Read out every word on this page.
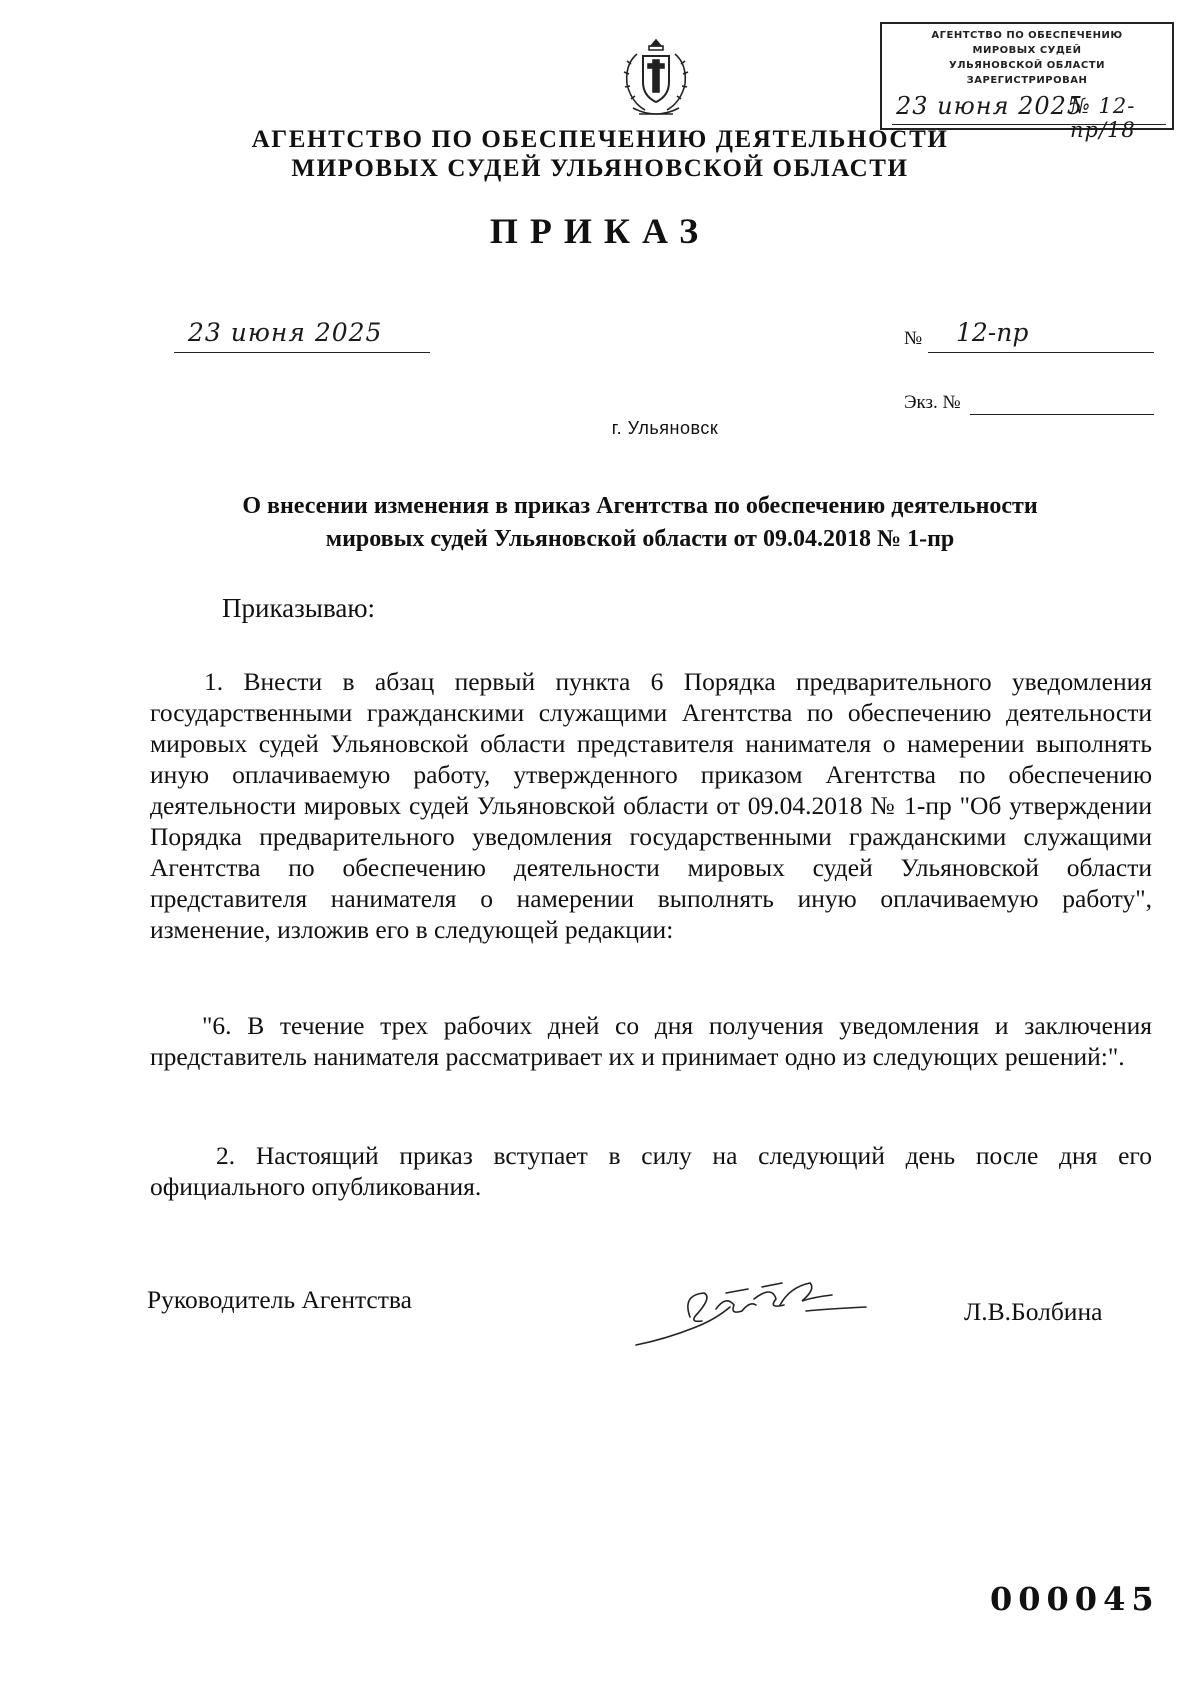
АГЕНТСТВО ПО ОБЕСПЕЧЕНИЮ
МИРОВЫХ СУДЕЙ
УЛЬЯНОВСКОЙ ОБЛАСТИ
ЗАРЕГИСТРИРОВАН
23 июня 2025
№ 12-пр/18
АГЕНТСТВО ПО ОБЕСПЕЧЕНИЮ ДЕЯТЕЛЬНОСТИ
МИРОВЫХ СУДЕЙ УЛЬЯНОВСКОЙ ОБЛАСТИ
ПРИКАЗ
23 июня 2025	№ 12-пр
Экз. №
г. Ульяновск
О внесении изменения в приказ Агентства по обеспечению деятельности
мировых судей Ульяновской области от 09.04.2018 № 1-пр
Приказываю:
1. Внести в абзац первый пункта 6 Порядка предварительного уведомления государственными гражданскими служащими Агентства по обеспечению деятельности мировых судей Ульяновской области представителя нанимателя о намерении выполнять иную оплачиваемую работу, утвержденного приказом Агентства по обеспечению деятельности мировых судей Ульяновской области от 09.04.2018 № 1-пр "Об утверждении Порядка предварительного уведомления государственными гражданскими служащими Агентства по обеспечению деятельности мировых судей Ульяновской области представителя нанимателя о намерении выполнять иную оплачиваемую работу", изменение, изложив его в следующей редакции:
"6. В течение трех рабочих дней со дня получения уведомления и заключения представитель нанимателя рассматривает их и принимает одно из следующих решений:".
2. Настоящий приказ вступает в силу на следующий день после дня его официального опубликования.
Руководитель Агентства	Л.В.Болбина
000045
